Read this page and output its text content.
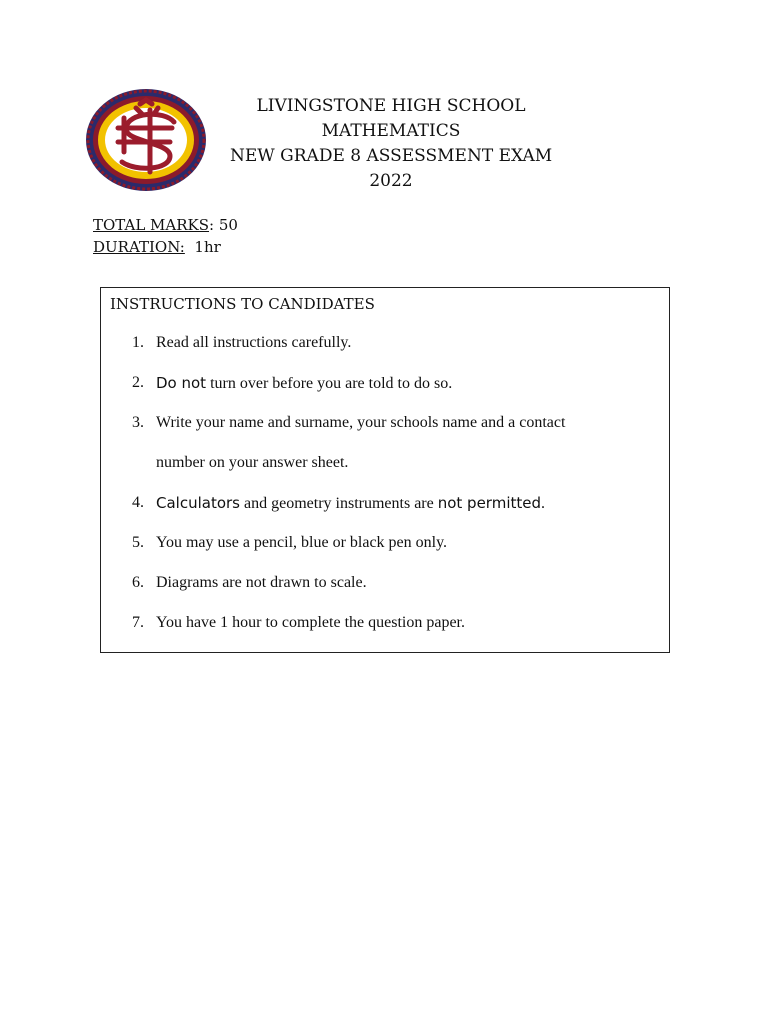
LIVINGSTONE HIGH SCHOOL
MATHEMATICS
NEW GRADE 8 ASSESSMENT EXAM
2022
TOTAL MARKS: 50
DURATION: 1hr
INSTRUCTIONS TO CANDIDATES
1. Read all instructions carefully.
2. Do not turn over before you are told to do so.
3. Write your name and surname, your schools name and a contact
number on your answer sheet.
4. Calculators and geometry instruments are not permitted.
5. You may use a pencil, blue or black pen only.
6. Diagrams are not drawn to scale.
7. You have 1 hour to complete the question paper.
